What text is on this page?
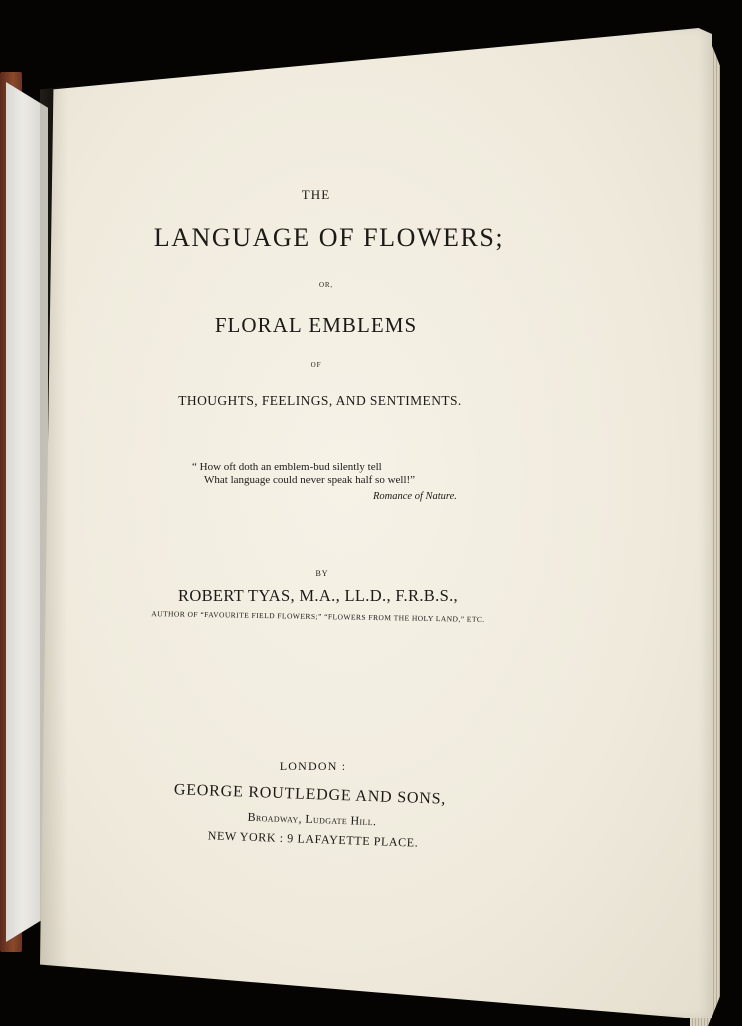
THE

LANGUAGE OF FLOWERS;

OR,

FLORAL EMBLEMS

OF

THOUGHTS, FEELINGS, AND SENTIMENTS.

“ How oft doth an emblem-bud silently tell

What language could never speak half so well!”

Romance of Nature.

BY

ROBERT TYAS, M.A., LL.D., F.R.B.S.,

AUTHOR OF “FAVOURITE FIELD FLOWERS;” “FLOWERS FROM THE HOLY LAND,” ETC.

LONDON :

GEORGE ROUTLEDGE AND SONS,

Broadway, Ludgate Hill.

NEW YORK : 9 LAFAYETTE PLACE.
